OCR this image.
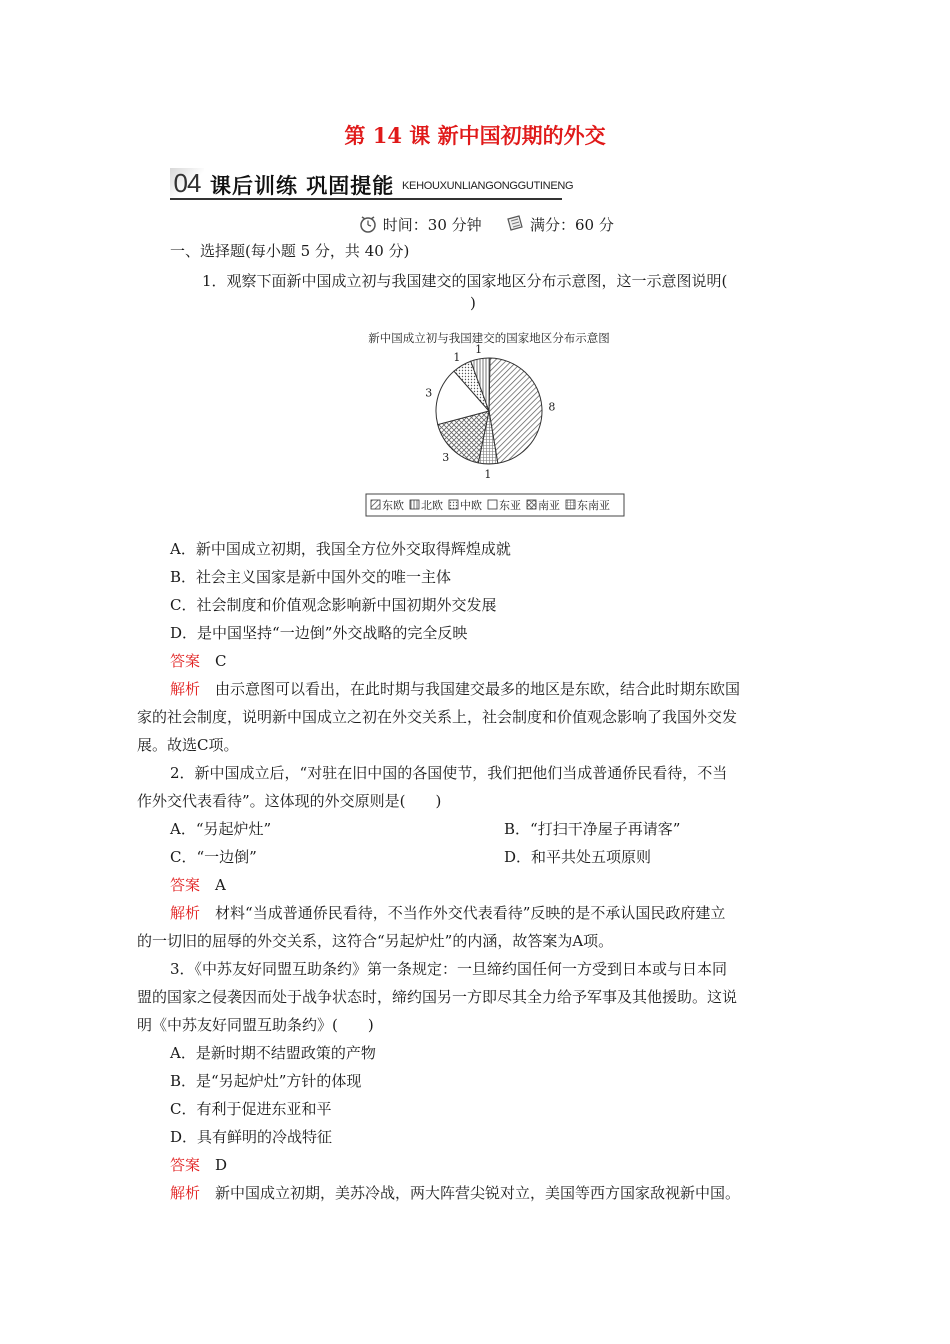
第 14 课 新中国初期的外交
04 课后训练 巩固提能 KEHOUXUNLIANGONGGUTINENG
时间：30 分钟	满分：60 分
一、选择题(每小题 5 分，共 40 分)
1．观察下面新中国成立初与我国建交的国家地区分布示意图，这一示意图说明(
)
新中国成立初与我国建交的国家地区分布示意图
8
1
3
3
1
1
东欧 北欧 中欧 东亚 南亚 东南亚
A．新中国成立初期，我国全方位外交取得辉煌成就
B．社会主义国家是新中国外交的唯一主体
C．社会制度和价值观念影响新中国初期外交发展
D．是中国坚持“一边倒”外交战略的完全反映
答案　 C
解析　 由示意图可以看出，在此时期与我国建交最多的地区是东欧，结合此时期东欧国
家的社会制度，说明新中国成立之初在外交关系上，社会制度和价值观念影响了我国外交发
展。故选C项。
2．新中国成立后，“对驻在旧中国的各国使节，我们把他们当成普通侨民看待，不当
作外交代表看待”。这体现的外交原则是(　　)
A．“另起炉灶”	B．“打扫干净屋子再请客”
C．“一边倒”	D．和平共处五项原则
答案　 A
解析　 材料“当成普通侨民看待，不当作外交代表看待”反映的是不承认国民政府建立
的一切旧的屈辱的外交关系，这符合“另起炉灶”的内涵，故答案为A项。
3．《中苏友好同盟互助条约》第一条规定：一旦缔约国任何一方受到日本或与日本同
盟的国家之侵袭因而处于战争状态时，缔约国另一方即尽其全力给予军事及其他援助。这说
明《中苏友好同盟互助条约》(　　)
A．是新时期不结盟政策的产物
B．是“另起炉灶”方针的体现
C．有利于促进东亚和平
D．具有鲜明的冷战特征
答案　 D
解析　 新中国成立初期，美苏冷战，两大阵营尖锐对立，美国等西方国家敌视新中国。
